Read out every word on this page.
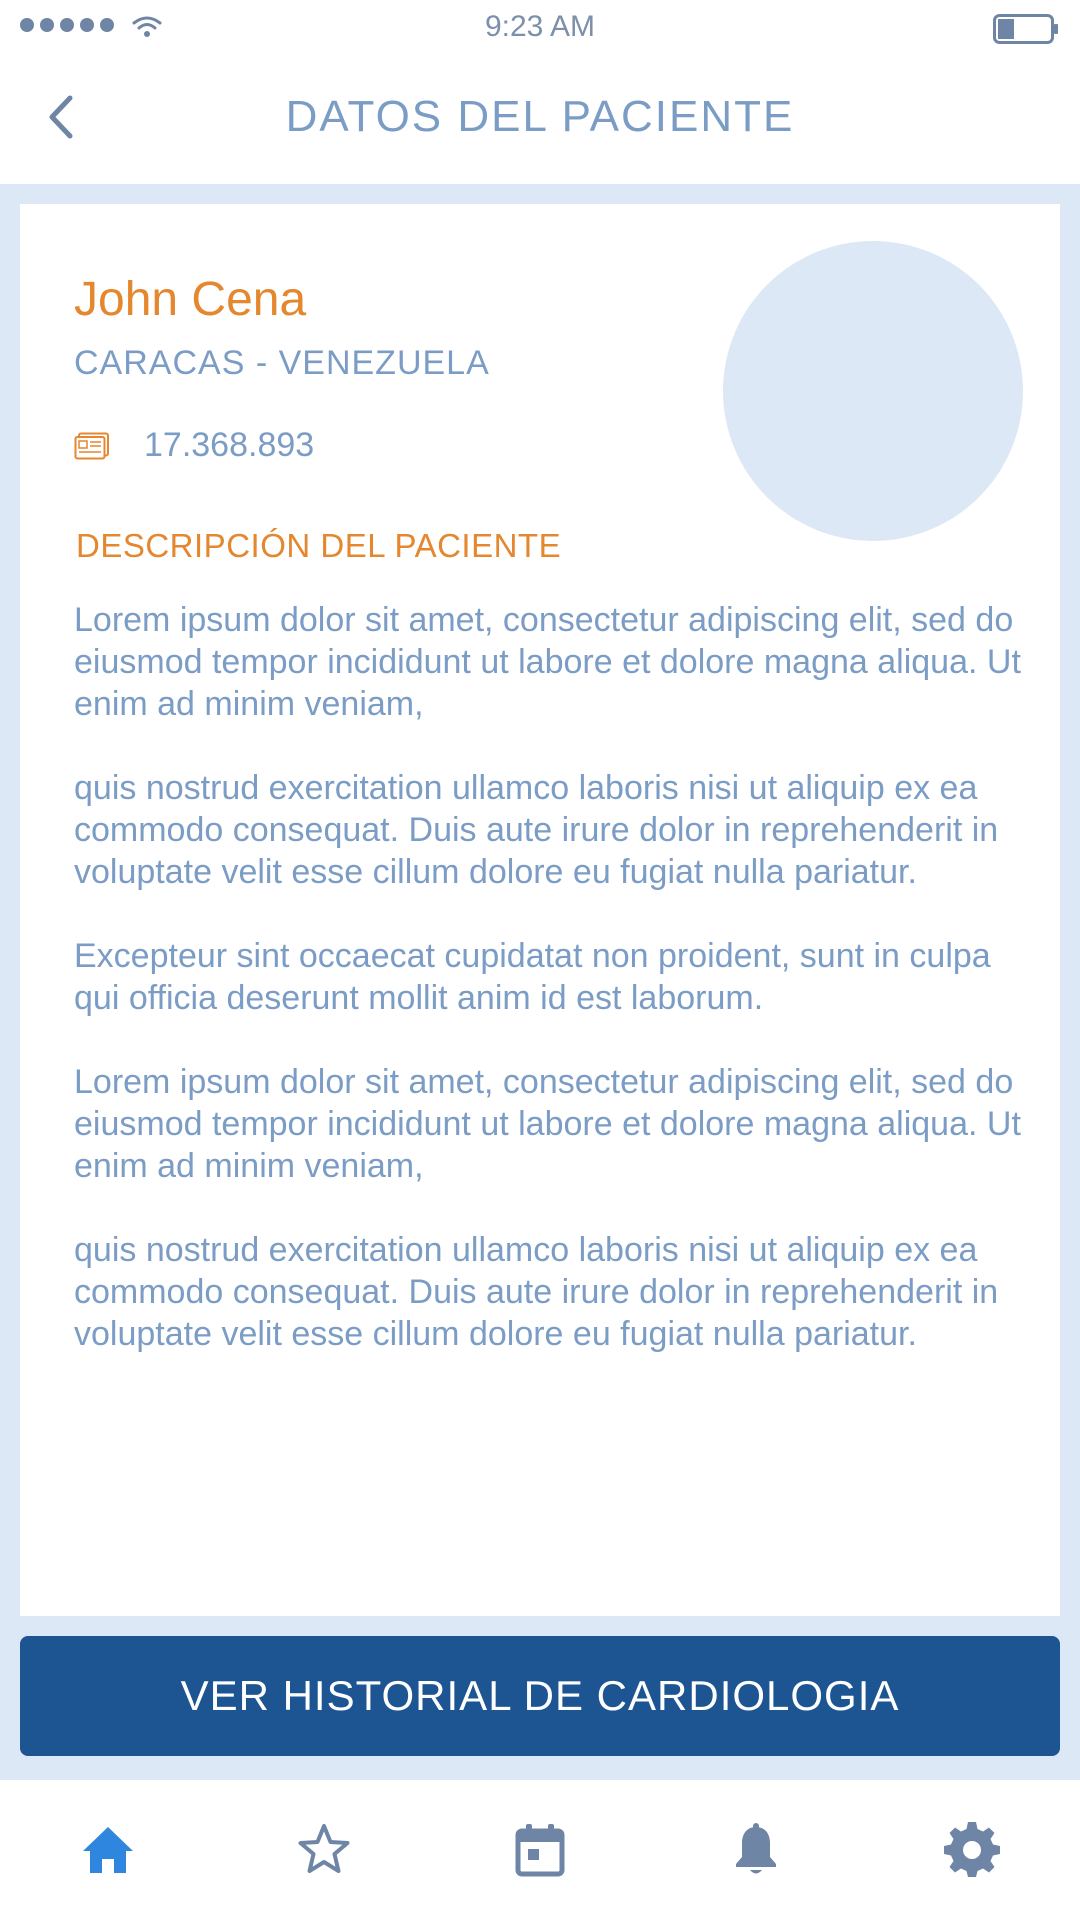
9:23 AM
DATOS DEL PACIENTE
John Cena
CARACAS - VENEZUELA
17.368.893
DESCRIPCIÓN DEL PACIENTE

Lorem ipsum dolor sit amet, consectetur adipiscing elit, sed do eiusmod tempor incididunt ut labore et dolore magna aliqua. Ut enim ad minim veniam,

quis nostrud exercitation ullamco laboris nisi ut aliquip ex ea commodo consequat. Duis aute irure dolor in reprehenderit in voluptate velit esse cillum dolore eu fugiat nulla pariatur.

Excepteur sint occaecat cupidatat non proident, sunt in culpa qui officia deserunt mollit anim id est laborum.

Lorem ipsum dolor sit amet, consectetur adipiscing elit, sed do eiusmod tempor incididunt ut labore et dolore magna aliqua. Ut enim ad minim veniam,

quis nostrud exercitation ullamco laboris nisi ut aliquip ex ea commodo consequat. Duis aute irure dolor in reprehenderit in voluptate velit esse cillum dolore eu fugiat nulla pariatur.

VER HISTORIAL DE CARDIOLOGIA
